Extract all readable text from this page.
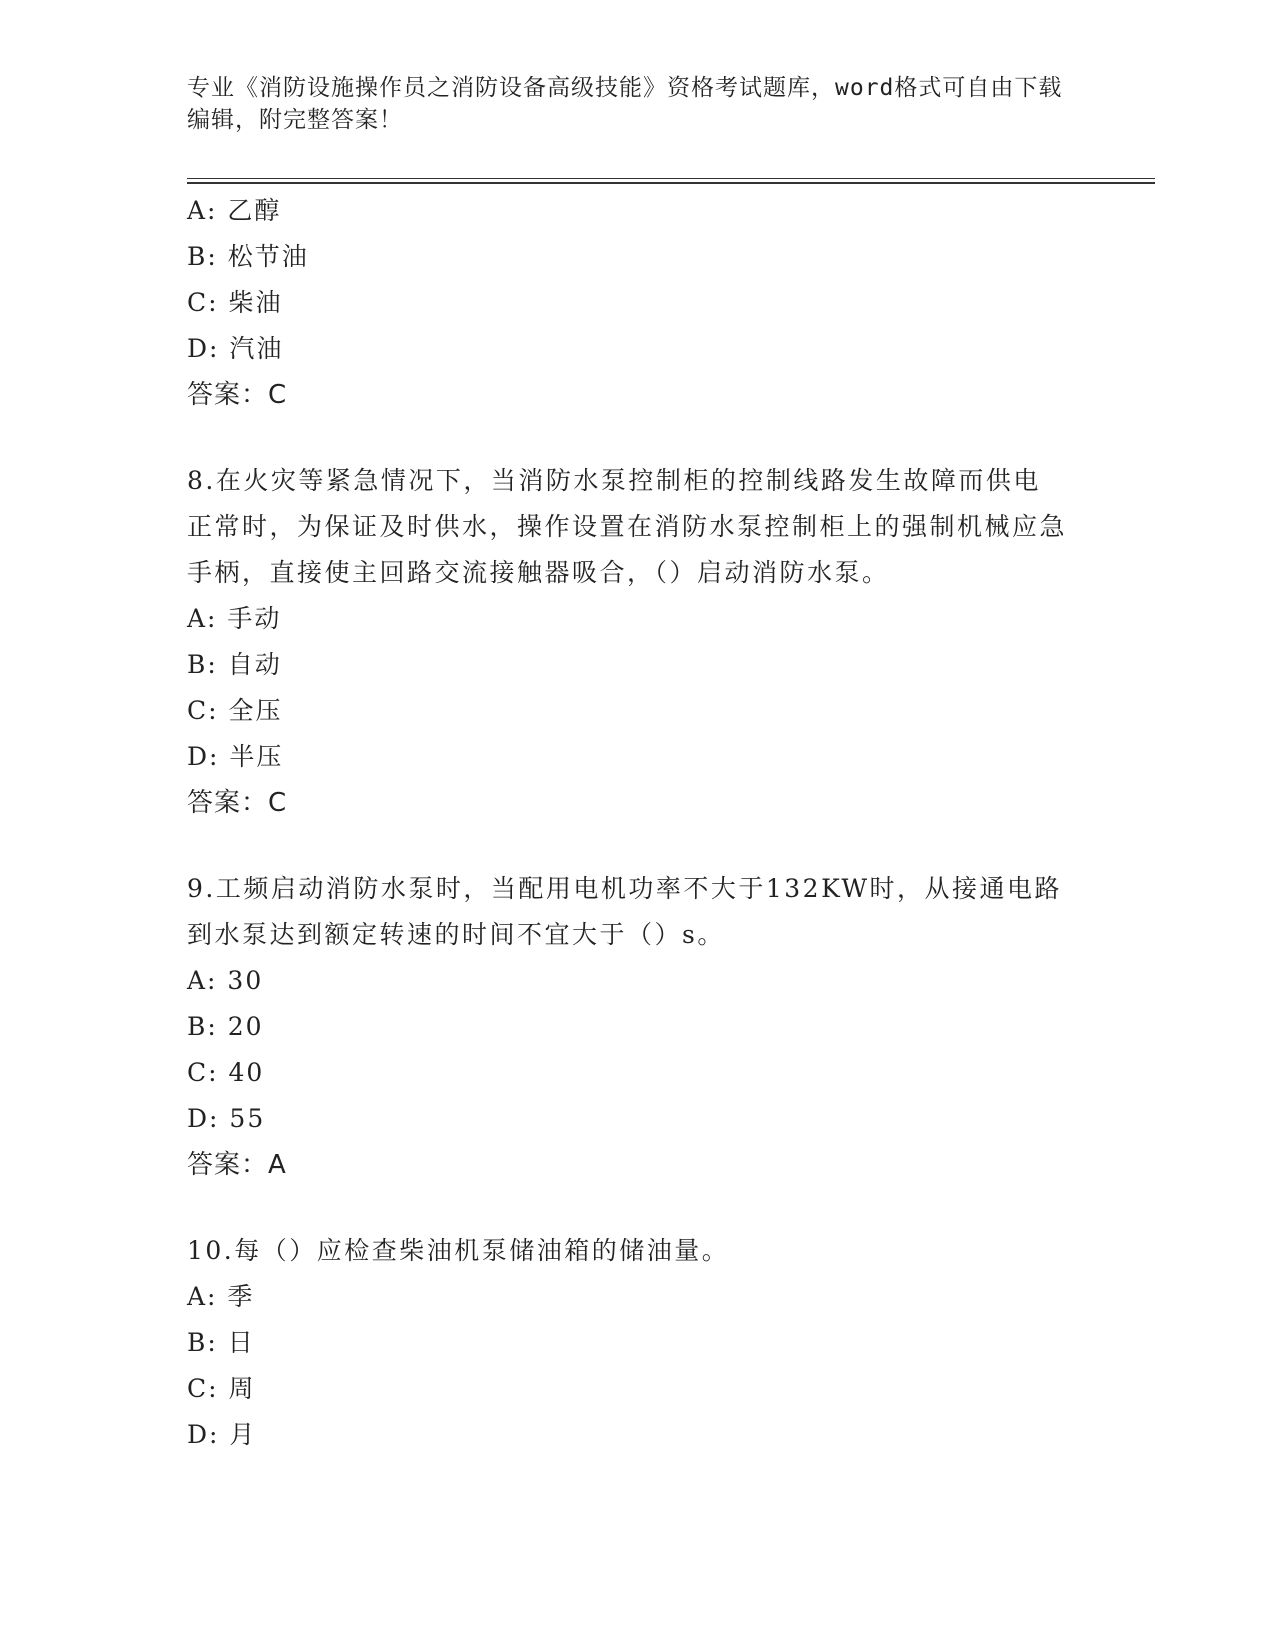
专业《消防设施操作员之消防设备高级技能》资格考试题库，word格式可自由下载编辑，附完整答案！
A: 乙醇
B: 松节油
C: 柴油
D: 汽油
答案：C
8.在火灾等紧急情况下，当消防水泵控制柜的控制线路发生故障而供电正常时，为保证及时供水，操作设置在消防水泵控制柜上的强制机械应急手柄，直接使主回路交流接触器吸合，（）启动消防水泵。
A: 手动
B: 自动
C: 全压
D: 半压
答案：C
9.工频启动消防水泵时，当配用电机功率不大于132KW时，从接通电路到水泵达到额定转速的时间不宜大于（）s。
A: 30
B: 20
C: 40
D: 55
答案：A
10.每（）应检查柴油机泵储油箱的储油量。
A: 季
B: 日
C: 周
D: 月
